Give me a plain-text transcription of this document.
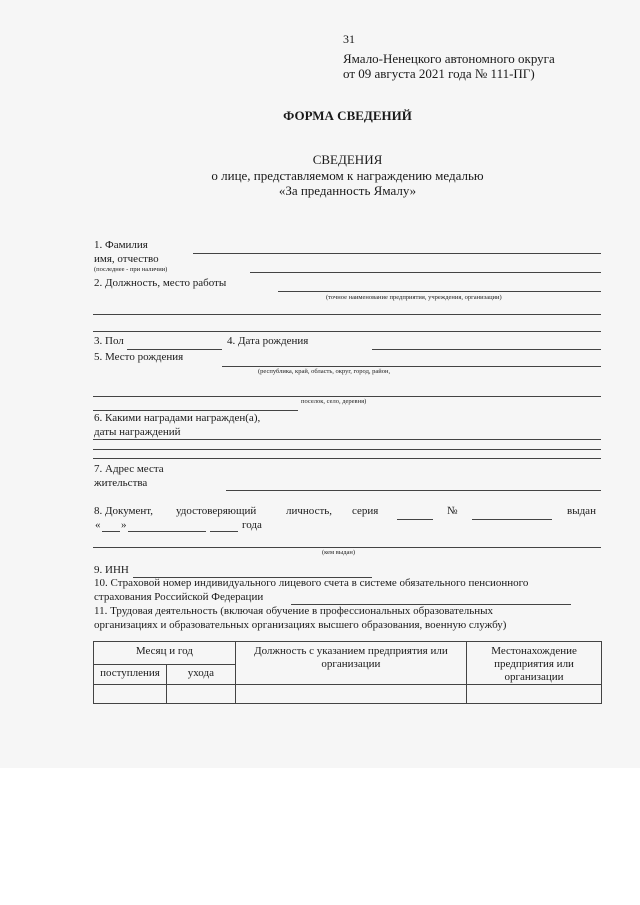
31
Ямало-Ненецкого автономного округа
от 09 августа 2021 года № 111-ПГ)
ФОРМА СВЕДЕНИЙ
СВЕДЕНИЯ
о лице, представляемом к награждению медалью
«За преданность Ямалу»
1. Фамилия
имя, отчество
(последнее - при наличии)
2. Должность, место работы
(точное наименование предприятия, учреждения, организации)
3. Пол	4. Дата рождения
5. Место рождения
(республика, край, область, округ, город, район,
поселок, село, деревня)
6. Какими наградами награжден(а),
даты награждений
7. Адрес места
жительства
8. Документ, удостоверяющий	личность, серия	№	выдан
« »	года
(кем выдан)
9. ИНН
10. Страховой номер индивидуального лицевого счета в системе обязательного пенсионного
страхования Российской Федерации
11. Трудовая деятельность (включая обучение в профессиональных образовательных
организациях и образовательных организациях высшего образования, военную службу)
Месяц и год		Должность с указанием предприятия или организации	Местонахождение предприятия или организации
поступления	ухода		
